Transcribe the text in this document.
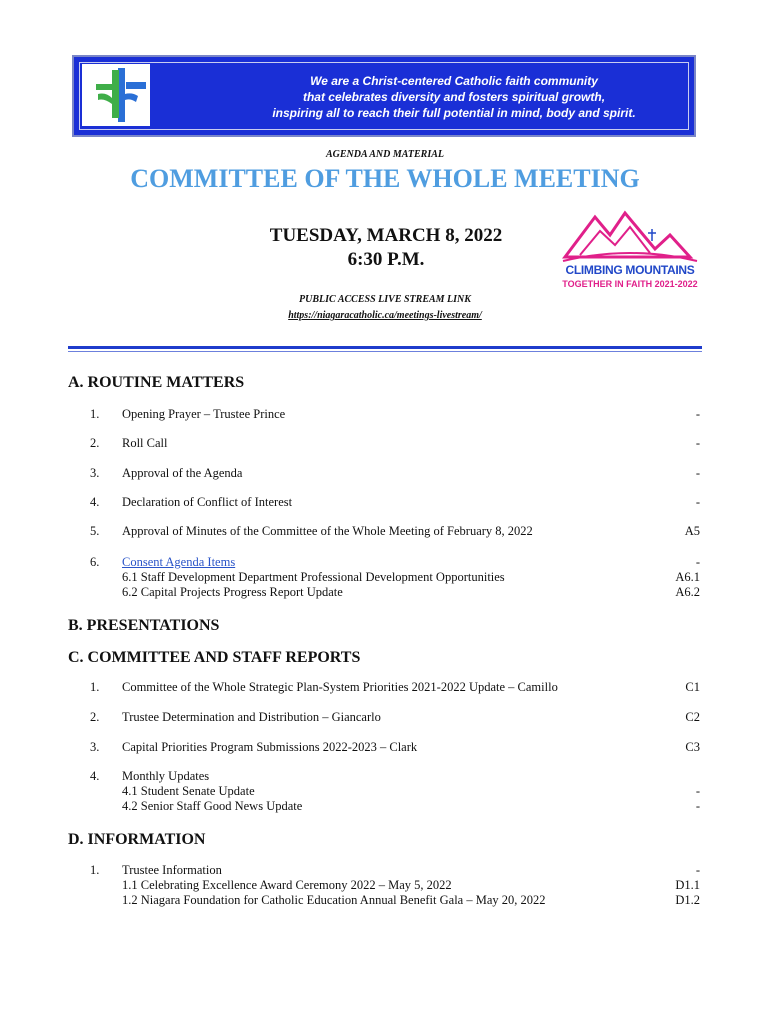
We are a Christ-centered Catholic faith community
that celebrates diversity and fosters spiritual growth,
inspiring all to reach their full potential in mind, body and spirit.
AGENDA AND MATERIAL
COMMITTEE OF THE WHOLE MEETING
TUESDAY, MARCH 8, 2022
6:30 P.M.	CLIMBING MOUNTAINS
TOGETHER IN FAITH 2021-2022
PUBLIC ACCESS LIVE STREAM LINK
https://niagaracatholic.ca/meetings-livestream/
A. ROUTINE MATTERS
1. Opening Prayer – Trustee Prince	-
2. Roll Call	-
3. Approval of the Agenda	-
4. Declaration of Conflict of Interest	-
5. Approval of Minutes of the Committee of the Whole Meeting of February 8, 2022	A5
6. Consent Agenda Items	-
6.1 Staff Development Department Professional Development Opportunities	A6.1
6.2 Capital Projects Progress Report Update	A6.2
B. PRESENTATIONS
C. COMMITTEE AND STAFF REPORTS
1. Committee of the Whole Strategic Plan-System Priorities 2021-2022 Update – Camillo	C1
2. Trustee Determination and Distribution – Giancarlo	C2
3. Capital Priorities Program Submissions 2022-2023 – Clark	C3
4. Monthly Updates
4.1 Student Senate Update	-
4.2 Senior Staff Good News Update	-
D. INFORMATION
1. Trustee Information	-
1.1 Celebrating Excellence Award Ceremony 2022 – May 5, 2022	D1.1
1.2 Niagara Foundation for Catholic Education Annual Benefit Gala – May 20, 2022	D1.2
